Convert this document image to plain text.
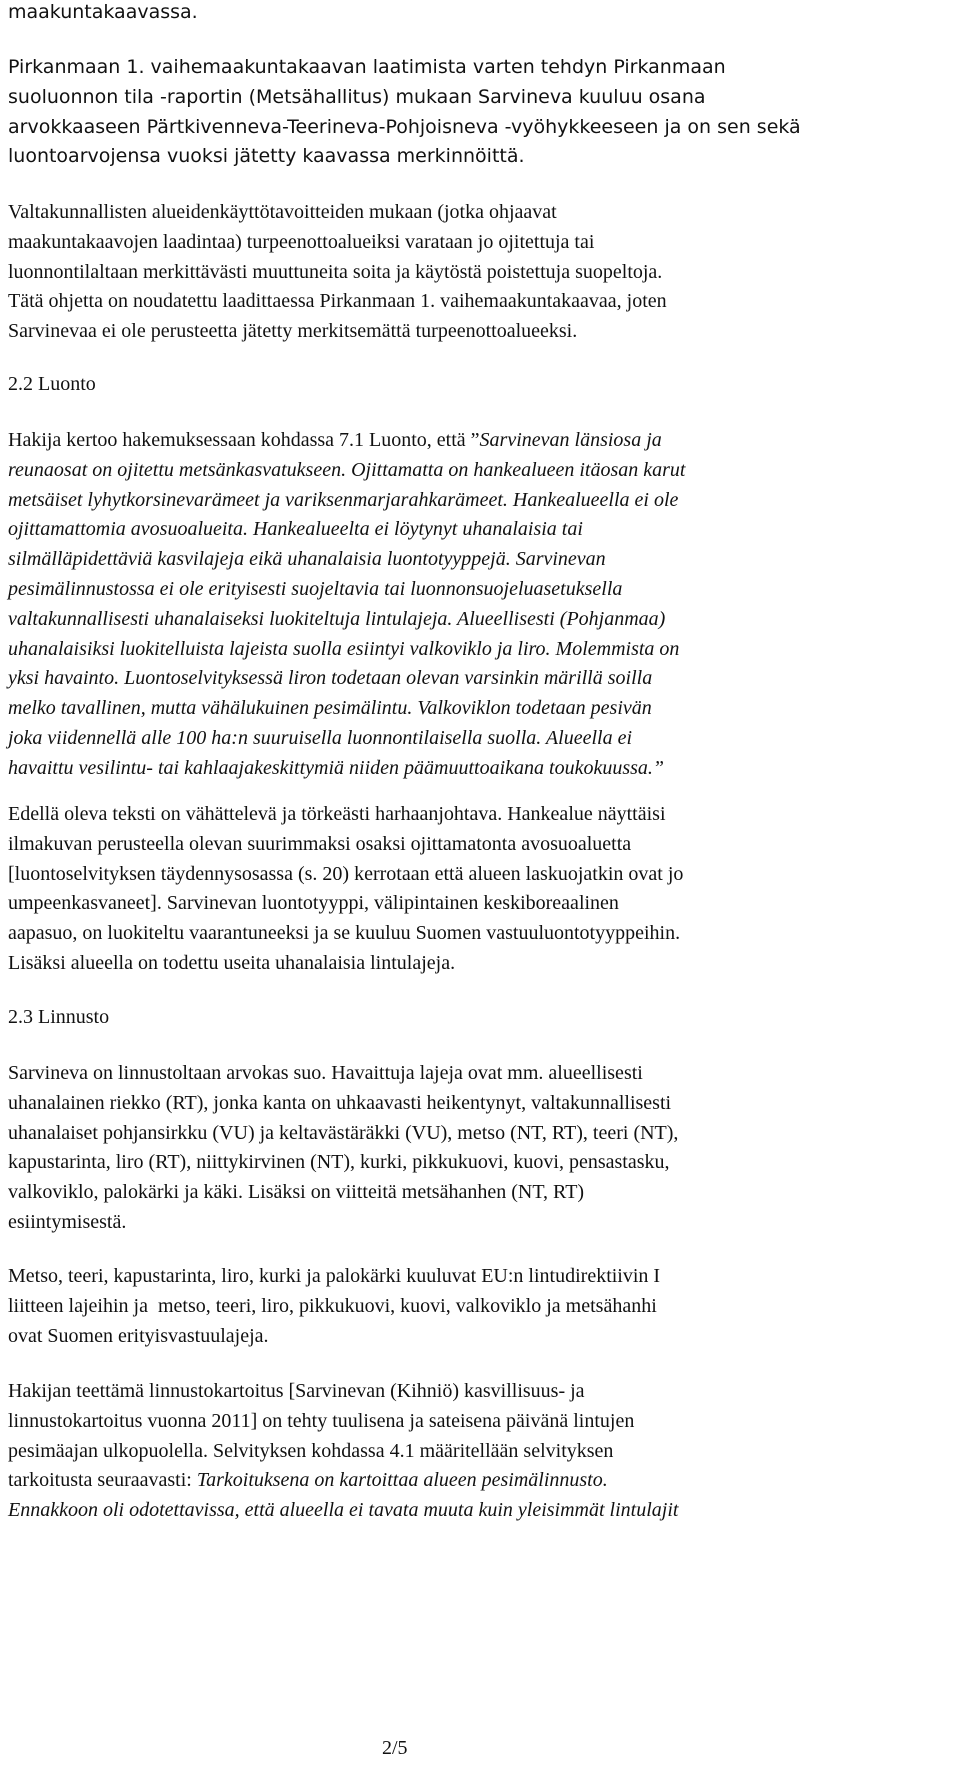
maakuntakaavassa.

Pirkanmaan 1. vaihemaakuntakaavan laatimista varten tehdyn Pirkanmaan
suoluonnon tila -raportin (Metsähallitus) mukaan Sarvineva kuuluu osana
arvokkaaseen Pärtkivenneva-Teerineva-Pohjoisneva -vyöhykkeeseen ja on sen sekä
luontoarvojensa vuoksi jätetty kaavassa merkinnöittä.

Valtakunnallisten alueidenkäyttötavoitteiden mukaan (jotka ohjaavat
maakuntakaavojen laadintaa) turpeenottoalueiksi varataan jo ojitettuja tai
luonnontilaltaan merkittävästi muuttuneita soita ja käytöstä poistettuja suopeltoja.
Tätä ohjetta on noudatettu laadittaessa Pirkanmaan 1. vaihemaakuntakaavaa, joten
Sarvinevaa ei ole perusteetta jätetty merkitsemättä turpeenottoalueeksi.

2.2 Luonto

Hakija kertoo hakemuksessaan kohdassa 7.1 Luonto, että ”Sarvinevan länsiosa ja
reunaosat on ojitettu metsänkasvatukseen. Ojittamatta on hankealueen itäosan karut
metsäiset lyhytkorsinevarämeet ja variksenmarjarahkarämeet. Hankealueella ei ole
ojittamattomia avosuoalueita. Hankealueelta ei löytynyt uhanalaisia tai
silmälläpidettäviä kasvilajeja eikä uhanalaisia luontotyyppejä. Sarvinevan
pesimälinnustossa ei ole erityisesti suojeltavia tai luonnonsuojeluasetuksella
valtakunnallisesti uhanalaiseksi luokiteltuja lintulajeja. Alueellisesti (Pohjanmaa)
uhanalaisiksi luokitelluista lajeista suolla esiintyi valkoviklo ja liro. Molemmista on
yksi havainto. Luontoselvityksessä liron todetaan olevan varsinkin märillä soilla
melko tavallinen, mutta vähälukuinen pesimälintu. Valkoviklon todetaan pesivän
joka viidennellä alle 100 ha:n suuruisella luonnontilaisella suolla. Alueella ei
havaittu vesilintu- tai kahlaajakeskittymiä niiden päämuuttoaikana toukokuussa.”

Edellä oleva teksti on vähättelevä ja törkeästi harhaanjohtava. Hankealue näyttäisi
ilmakuvan perusteella olevan suurimmaksi osaksi ojittamatonta avosuoaluetta
[luontoselvityksen täydennysosassa (s. 20) kerrotaan että alueen laskuojatkin ovat jo
umpeenkasvaneet]. Sarvinevan luontotyyppi, välipintainen keskiboreaalinen
aapasuo, on luokiteltu vaarantuneeksi ja se kuuluu Suomen vastuuluontotyyppeihin.
Lisäksi alueella on todettu useita uhanalaisia lintulajeja.

2.3 Linnusto

Sarvineva on linnustoltaan arvokas suo. Havaittuja lajeja ovat mm. alueellisesti
uhanalainen riekko (RT), jonka kanta on uhkaavasti heikentynyt, valtakunnallisesti
uhanalaiset pohjansirkku (VU) ja keltavästäräkki (VU), metso (NT, RT), teeri (NT),
kapustarinta, liro (RT), niittykirvinen (NT), kurki, pikkukuovi, kuovi, pensastasku,
valkoviklo, palokärki ja käki. Lisäksi on viitteitä metsähanhen (NT, RT)
esiintymisestä.

Metso, teeri, kapustarinta, liro, kurki ja palokärki kuuluvat EU:n lintudirektiivin I
liitteen lajeihin ja  metso, teeri, liro, pikkukuovi, kuovi, valkoviklo ja metsähanhi
ovat Suomen erityisvastuulajeja.

Hakijan teettämä linnustokartoitus [Sarvinevan (Kihniö) kasvillisuus- ja
linnustokartoitus vuonna 2011] on tehty tuulisena ja sateisena päivänä lintujen
pesimäajan ulkopuolella. Selvityksen kohdassa 4.1 määritellään selvityksen
tarkoitusta seuraavasti: Tarkoituksena on kartoittaa alueen pesimälinnusto.
Ennakkoon oli odotettavissa, että alueella ei tavata muuta kuin yleisimmät lintulajit

2/5
